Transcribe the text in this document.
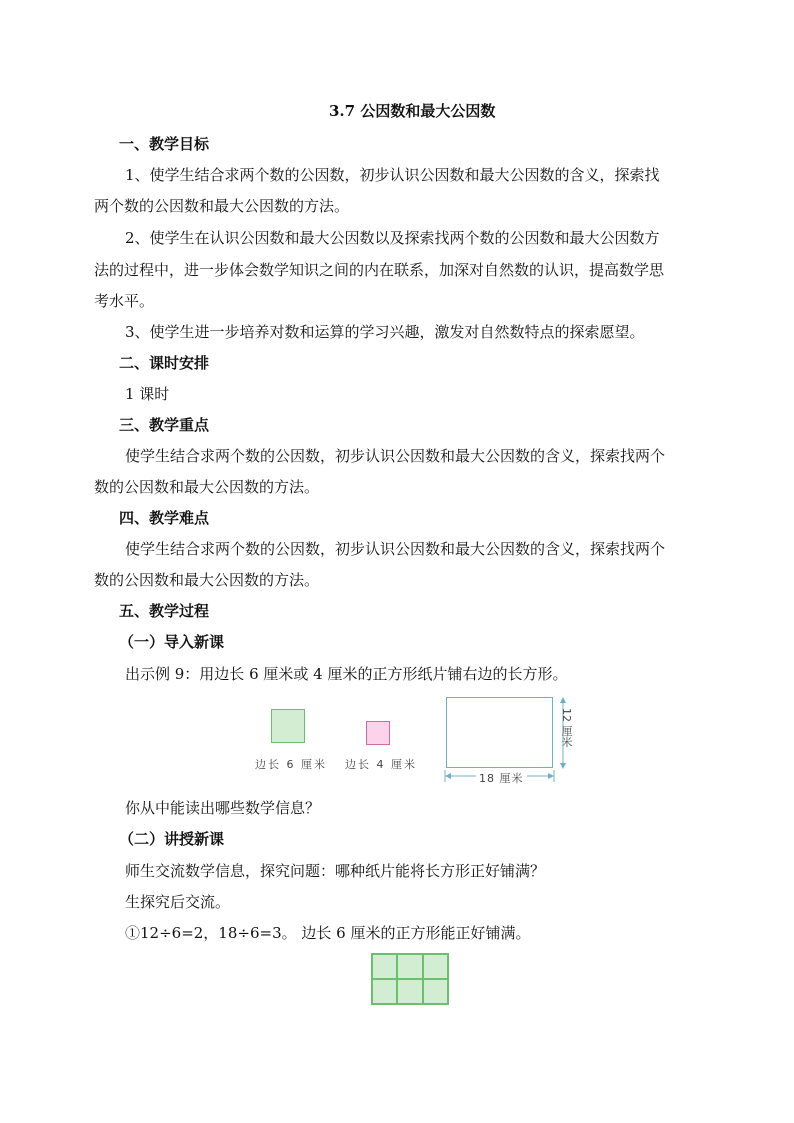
3.7 公因数和最大公因数
一、教学目标
1、使学生结合求两个数的公因数，初步认识公因数和最大公因数的含义，探索找
两个数的公因数和最大公因数的方法。
2、使学生在认识公因数和最大公因数以及探索找两个数的公因数和最大公因数方
法的过程中，进一步体会数学知识之间的内在联系，加深对自然数的认识，提高数学思
考水平。
3、使学生进一步培养对数和运算的学习兴趣，激发对自然数特点的探索愿望。
二、课时安排
1 课时
三、教学重点
使学生结合求两个数的公因数，初步认识公因数和最大公因数的含义，探索找两个
数的公因数和最大公因数的方法。
四、教学难点
使学生结合求两个数的公因数，初步认识公因数和最大公因数的含义，探索找两个
数的公因数和最大公因数的方法。
五、教学过程
（一）导入新课
出示例 9：用边长 6 厘米或 4 厘米的正方形纸片铺右边的长方形。
边长 6 厘米 边长 4 厘米
12 厘米
18 厘米
你从中能读出哪些数学信息？
（二）讲授新课
师生交流数学信息，探究问题：哪种纸片能将长方形正好铺满？
生探究后交流。
①12÷6=2，18÷6=3。 边长 6 厘米的正方形能正好铺满。
